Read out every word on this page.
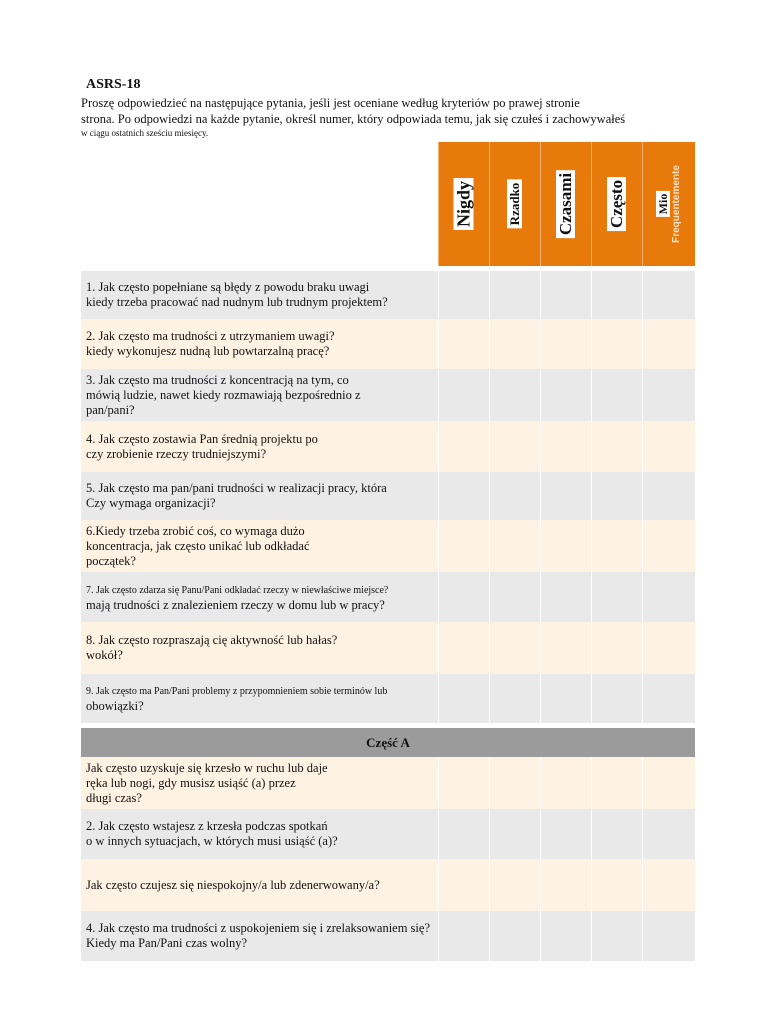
ASRS-18
Proszę odpowiedzieć na następujące pytania, jeśli jest oceniane według kryteriów po prawej stronie
strona. Po odpowiedzi na każde pytanie, określ numer, który odpowiada temu, jak się czułeś i zachowywałeś
w ciągu ostatnich sześciu miesięcy.

	Nigdy	Rzadko	Czasami	Często	Mio Frequentemente

1. Jak często popełniane są błędy z powodu braku uwagi
kiedy trzeba pracować nad nudnym lub trudnym projektem?					
2. Jak często ma trudności z utrzymaniem uwagi?
kiedy wykonujesz nudną lub powtarzalną pracę?					
3. Jak często ma trudności z koncentracją na tym, co
mówią ludzie, nawet kiedy rozmawiają bezpośrednio z
pan/pani?					
4. Jak często zostawia Pan średnią projektu po
czy zrobienie rzeczy trudniejszymi?					
5. Jak często ma pan/pani trudności w realizacji pracy, która
Czy wymaga organizacji?					
6.Kiedy trzeba zrobić coś, co wymaga dużo
koncentracja, jak często unikać lub odkładać
początek?					
7. Jak często zdarza się Panu/Pani odkładać rzeczy w niewłaściwe miejsce?
mają trudności z znalezieniem rzeczy w domu lub w pracy?					
8. Jak często rozpraszają cię aktywność lub hałas?
wokół?					
9. Jak często ma Pan/Pani problemy z przypomnieniem sobie terminów lub
obowiązki?					

Część A					
Jak często uzyskuje się krzesło w ruchu lub daje
ręka lub nogi, gdy musisz usiąść (a) przez
długi czas?					
2. Jak często wstajesz z krzesła podczas spotkań
o w innych sytuacjach, w których musi usiąść (a)?					
Jak często czujesz się niespokojny/a lub zdenerwowany/a?					
4. Jak często ma trudności z uspokojeniem się i zrelaksowaniem się?
Kiedy ma Pan/Pani czas wolny?					
